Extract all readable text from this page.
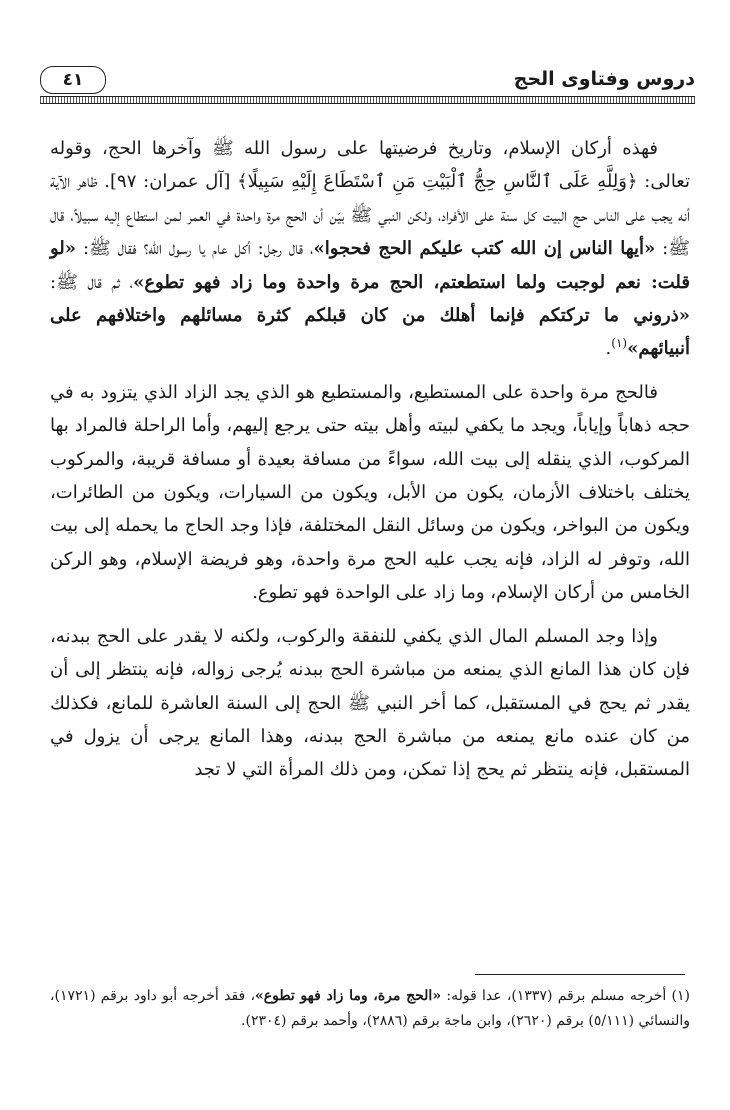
دروس وفتاوى الحج
٤١

فهذه أركان الإسلام، وتاريخ فرضيتها على رسول الله ﷺ وآخرها الحج، وقوله تعالى: ﴿وَلِلَّهِ عَلَى ٱلنَّاسِ حِجُّ ٱلْبَيْتِ مَنِ ٱسْتَطَاعَ إِلَيْهِ سَبِيلًا﴾ [آل عمران: ٩٧]. ظاهر الآية أنه يجب على الناس حج البيت كل سنة على الأفراد، ولكن النبي ﷺ بيّن أن الحج مرة واحدة في العمر لمن استطاع إليه سبيلاً، قال ﷺ: «أيها الناس إن الله كتب عليكم الحج فحجوا»، قال رجل: أكل عام يا رسول الله؟ فقال ﷺ: «لو قلت: نعم لوجبت ولما استطعتم، الحج مرة واحدة وما زاد فهو تطوع»، ثم قال ﷺ: «ذروني ما تركتكم فإنما أهلك من كان قبلكم كثرة مسائلهم واختلافهم على أنبيائهم»$^{(١)}$.

فالحج مرة واحدة على المستطيع، والمستطيع هو الذي يجد الزاد الذي يتزود به في حجه ذهاباً وإياباً، ويجد ما يكفي لبيته وأهل بيته حتى يرجع إليهم، وأما الراحلة فالمراد بها المركوب، الذي ينقله إلى بيت الله، سواءً من مسافة بعيدة أو مسافة قريبة، والمركوب يختلف باختلاف الأزمان، يكون من الأبل، ويكون من السيارات، ويكون من الطائرات، ويكون من البواخر، ويكون من وسائل النقل المختلفة، فإذا وجد الحاج ما يحمله إلى بيت الله، وتوفر له الزاد، فإنه يجب عليه الحج مرة واحدة، وهو فريضة الإسلام، وهو الركن الخامس من أركان الإسلام، وما زاد على الواحدة فهو تطوع.

وإذا وجد المسلم المال الذي يكفي للنفقة والركوب، ولكنه لا يقدر على الحج ببدنه، فإن كان هذا المانع الذي يمنعه من مباشرة الحج ببدنه يُرجى زواله، فإنه ينتظر إلى أن يقدر ثم يحج في المستقبل، كما أخر النبي ﷺ الحج إلى السنة العاشرة للمانع، فكذلك من كان عنده مانع يمنعه من مباشرة الحج ببدنه، وهذا المانع يرجى أن يزول في المستقبل، فإنه ينتظر ثم يحج إذا تمكن، ومن ذلك المرأة التي لا تجد

(١) أخرجه مسلم برقم (١٣٣٧)، عدا قوله: «الحج مرة، وما زاد فهو تطوع»، فقد أخرجه أبو داود برقم (١٧٢١)، والنسائي (٥/١١١) برقم (٢٦٢٠)، وابن ماجة برقم (٢٨٨٦)، وأحمد برقم (٢٣٠٤).
